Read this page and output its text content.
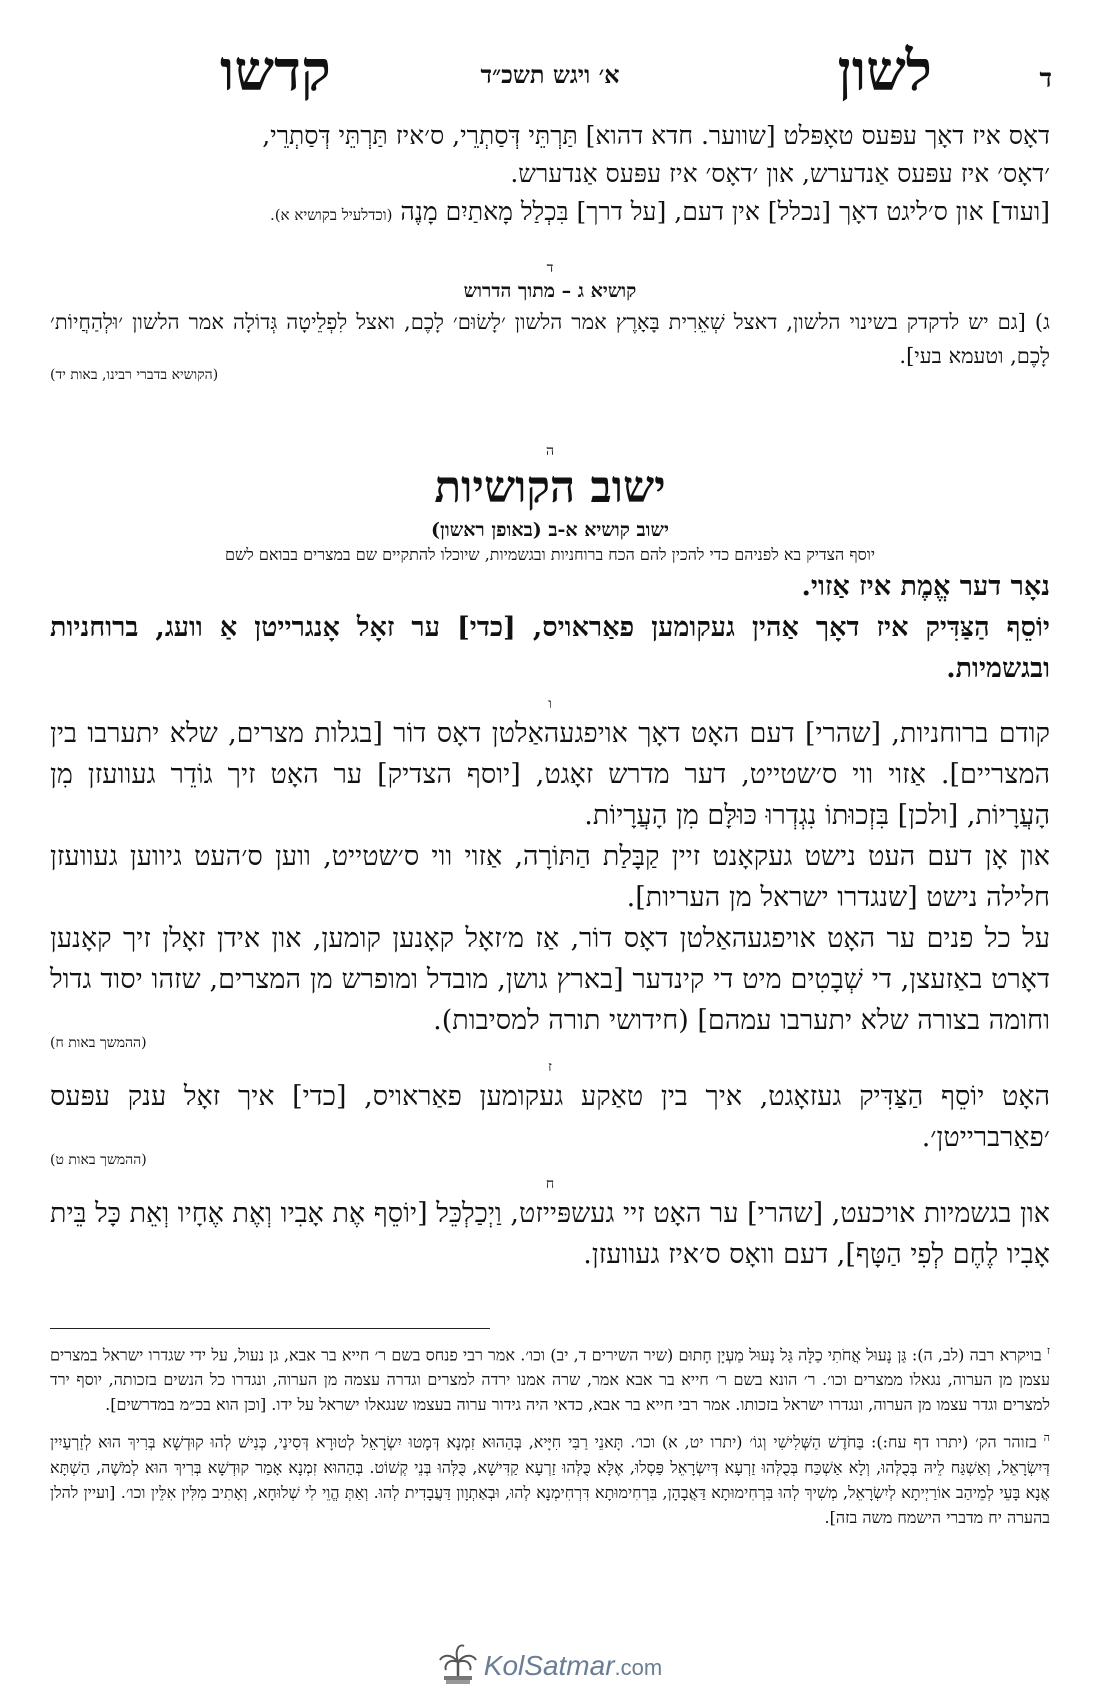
ד
לשון
א׳ ויגש תשכ״ד
קדשו

דאָס איז דאָך עפּעס טאָפּלט [שווער. חדא דהוא] תַּרְתֵּי דְּסַתְרֵי, ס׳איז תַּרְתֵּי דְּסַתְרֵי,

׳דאָס׳ איז עפּעס אַנדערש, און ׳דאָס׳ איז עפּעס אַנדערש.

[ועוד] און ס׳ליגט דאָך [נכלל] אין דעם, [על דרך] בִּכְלַל מָאתַיִם מָנֶה (וכדלעיל בקושיא א).

ד
קושיא ג – מתוך הדרוש

ג) [גם יש לדקדק בשינוי הלשון, דאצל שְׁאֵרִית בָּאָרֶץ אמר הלשון ׳לָשׂוּם׳ לָכֶם, ואצל לִפְלֵיטָה גְּדוֹלָה אמר הלשון ׳וּלְהַחֲיוֹת׳ לָכֶם, וטעמא בעי].

(הקושיא בדברי רבינו, באות יד)
ה
ישוב הקושיות
ישוב קושיא א-ב (באופן ראשון)
יוסף הצדיק בא לפניהם כדי להכין להם הכח ברוחניות ובגשמיות, שיוכלו להתקיים שם במצרים בבואם לשם

נאָר דער אֱמֶת איז אַזוי.

יוֹסֵף הַצַּדִּיק איז דאָך אַהין געקומען פאַראויס, [כדי] ער זאָל אָנגרייטן אַ וועג, ברוחניות ובגשמיות.

ו

קודם ברוחניות, [שהרי] דעם האָט דאָך אויפגעהאַלטן דאָס דוֹר [בגלות מצרים, שלא יתערבו בין המצריים]. אַזוי ווי ס׳שטייט, דער מדרש זאָגט, [יוסף הצדיק] ער האָט זיך גוֹדֵר געוועזן מִן הָעֲרָיוֹת, [ולכן] בִּזְכוּתוֹ נִגְדְרוּ כּוּלָּם מִן הָעֲרָיוֹת.

און אָן דעם העט נישט געקאָנט זיין קַבָּלַת הַתּוֹרָה, אַזוי ווי ס׳שטייט, ווען ס׳העט גיווען געוועזן חלילה נישט [שנגדרו ישראל מן העריות].

על כל פנים ער האָט אויפגעהאַלטן דאָס דוֹר, אַז מ׳זאָל קאָנען קומען, און אידן זאָלן זיך קאָנען דאָרט באַזעצן, די שְׁבָטִים מיט די קינדער [בארץ גושן, מובדל ומופרש מן המצרים, שזהו יסוד גדול וחומה בצורה שלא יתערבו עמהם] (חידושי תורה למסיבות).

(ההמשך באות ח)
ז

האָט יוֹסֵף הַצַּדִּיק געזאָגט, איך בין טאַקע געקומען פאַראויס, [כדי] איך זאָל ענק עפּעס ׳פאַרברייטן׳.

(ההמשך באות ט)
ח

און בגשמיות אויכעט, [שהרי] ער האָט זיי געשפּייזט, וַיְכַלְכֵּל [יוֹסֵף אֶת אָבִיו וְאֶת אֶחָיו וְאֵת כָּל בֵּית אָבִיו לֶחֶם לְפִי הַטָּף], דעם וואָס ס׳איז געוועזן.

$^ז$ בויקרא רבה (לב, ה): גַּן נָעוּל אֲחֹתִי כַלָּה גַּל נָעוּל מַעְיָן חָתוּם (שיר השירים ד, יב) וכו׳. אמר רבי פנחס בשם ר׳ חייא בר אבא, גן נעול, על ידי שגדרו ישראל במצרים עצמן מן הערוה, נגאלו ממצרים וכו׳. ר׳ הונא בשם ר׳ חייא בר אבא אמר, שרה אמנו ירדה למצרים וגדרה עצמה מן הערוה, ונגדרו כל הנשים בזכותה, יוסף ירד למצרים וגדר עצמו מן הערוה, ונגדרו ישראל בזכותו. אמר רבי חייא בר אבא, כדאי היה גידור ערוה בעצמו שנגאלו ישראל על ידו. [וכן הוא בכ״מ במדרשים].

$^ה$ בזוהר הק׳ (יתרו דף עח:): בַּחֹדֶשׁ הַשְּׁלִישִׁי וְגוֹ׳ (יתרו יט, א) וכו׳. תָּאנֵי רַבִּי חִיָּיא, בְּהַהוּא זִמְנָא דְּמָטוּ יִשְׂרָאֵל לְטוּרָא דְּסִינַי, כְּנִישׁ לְהוּ קוּדְשָׁא בְּרִיךְ הוּא לְזַרְעַיִין דְּיִשְׂרָאֵל, וְאַשְׁגַּח לֵיהּ בְּכֻלְּהוּ, וְלָא אַשְׁכַּח בְּכֻלְּהוּ זַרְעָא דְּיִשְׂרָאֵל פַּסְלוּ, אֶלָּא כֻּלְּהוּ זַרְעָא קַדִּישָׁא, כֻּלְּהוּ בְּנֵי קְשׁוֹט. בְּהַהוּא זִמְנָא אָמַר קוּדְשָׁא בְּרִיךְ הוּא לְמֹשֶׁה, הַשְׁתָּא אֲנָא בָּעֵי לְמֵיהַב אוֹרַיְיתָא לְיִשְׂרָאֵל, מְשִׁיךְ לְהוּ בִּרְחִימוּתָא דַּאֲבָהָן, בִּרְחִימוּתָא דִּרְחִימְנָא לְהוּ, וּבְאַתְוָון דַּעֲבָדִית לְהוּ. וְאַתְּ הֱוֵי לִי שְׁלוּחָא, וְאָתִיב מִלִּין אִלֵּין וכו׳. [ועיין להלן בהערה יח מדברי הישמח משה בזה].

KolSatmar.com
